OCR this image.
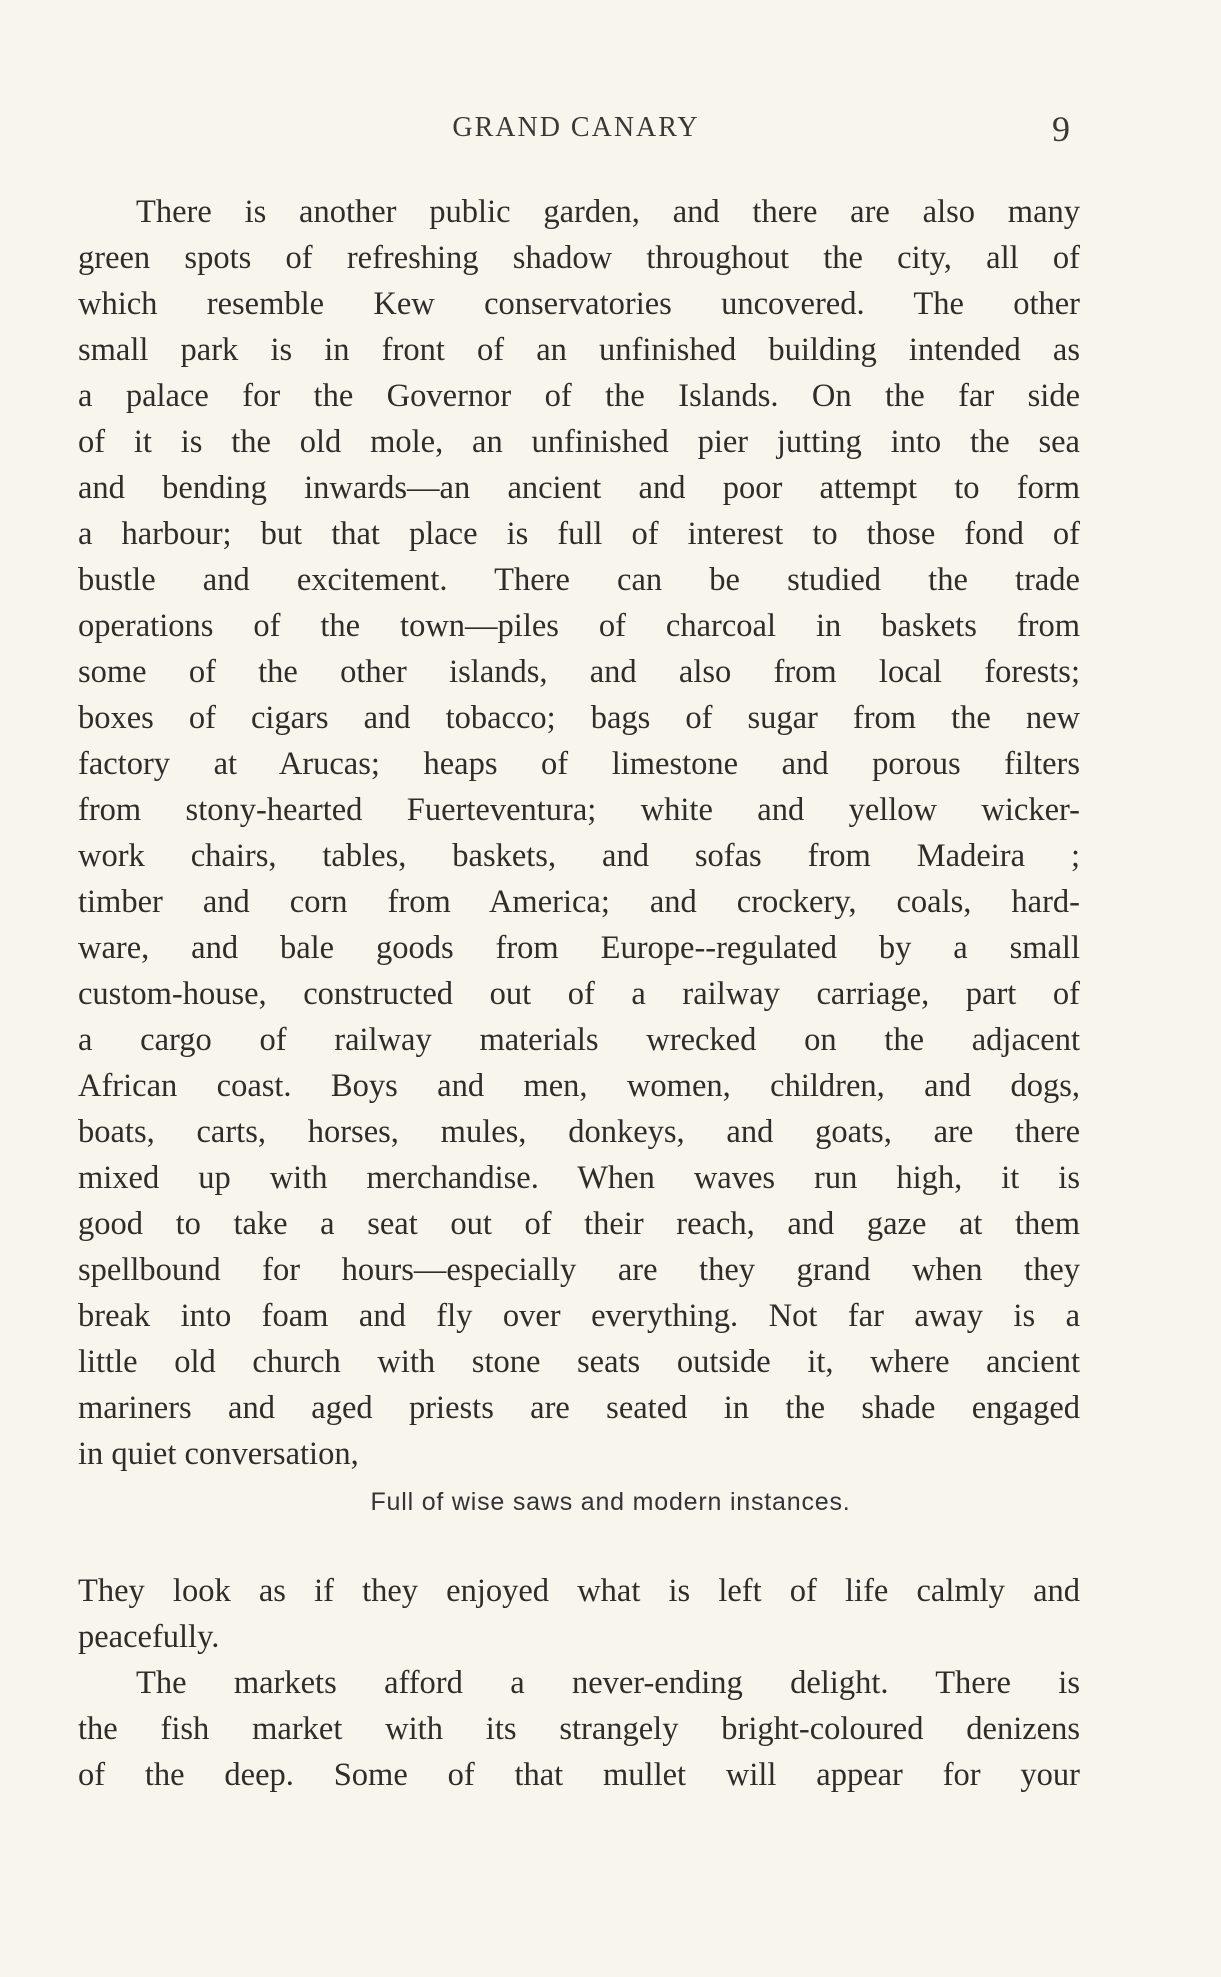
GRAND CANARY	9
There is another public garden, and there are also many
green spots of refreshing shadow throughout the city, all of
which resemble Kew conservatories uncovered. The other
small park is in front of an unfinished building intended as
a palace for the Governor of the Islands. On the far side
of it is the old mole, an unfinished pier jutting into the sea
and bending inwards—an ancient and poor attempt to form
a harbour; but that place is full of interest to those fond of
bustle and excitement. There can be studied the trade
operations of the town—piles of charcoal in baskets from
some of the other islands, and also from local forests;
boxes of cigars and tobacco; bags of sugar from the new
factory at Arucas; heaps of limestone and porous filters
from stony-hearted Fuerteventura; white and yellow wicker-
work chairs, tables, baskets, and sofas from Madeira ;
timber and corn from America; and crockery, coals, hard-
ware, and bale goods from Europe--regulated by a small
custom-house, constructed out of a railway carriage, part of
a cargo of railway materials wrecked on the adjacent
African coast. Boys and men, women, children, and dogs,
boats, carts, horses, mules, donkeys, and goats, are there
mixed up with merchandise. When waves run high, it is
good to take a seat out of their reach, and gaze at them
spellbound for hours—especially are they grand when they
break into foam and fly over everything. Not far away is a
little old church with stone seats outside it, where ancient
mariners and aged priests are seated in the shade engaged
in quiet conversation,
Full of wise saws and modern instances.
They look as if they enjoyed what is left of life calmly and
peacefully.
The markets afford a never-ending delight. There is
the fish market with its strangely bright-coloured denizens
of the deep. Some of that mullet will appear for your
